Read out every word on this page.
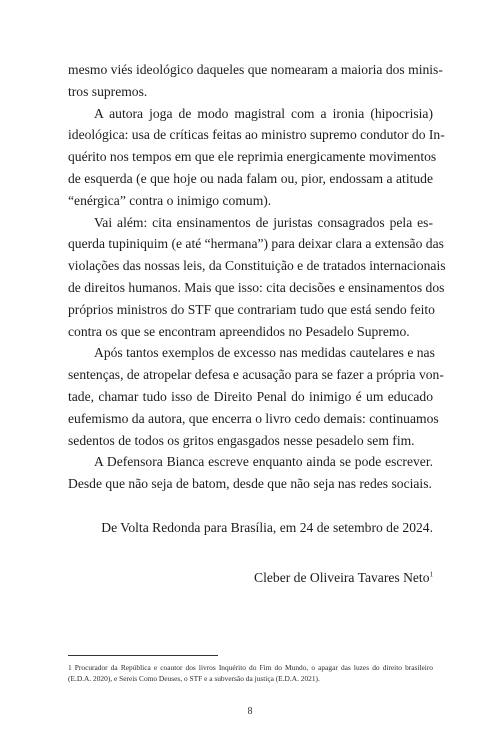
mesmo viés ideológico daqueles que nomearam a maioria dos minis-
tros supremos.

A autora joga de modo magistral com a ironia (hipocrisia)
ideológica: usa de críticas feitas ao ministro supremo condutor do In-
quérito nos tempos em que ele reprimia energicamente movimentos
de esquerda (e que hoje ou nada falam ou, pior, endossam a atitude
“enérgica” contra o inimigo comum).

Vai além: cita ensinamentos de juristas consagrados pela es-
querda tupiniquim (e até “hermana”) para deixar clara a extensão das
violações das nossas leis, da Constituição e de tratados internacionais
de direitos humanos. Mais que isso: cita decisões e ensinamentos dos
próprios ministros do STF que contrariam tudo que está sendo feito
contra os que se encontram apreendidos no Pesadelo Supremo.

Após tantos exemplos de excesso nas medidas cautelares e nas
sentenças, de atropelar defesa e acusação para se fazer a própria von-
tade, chamar tudo isso de Direito Penal do inimigo é um educado
eufemismo da autora, que encerra o livro cedo demais: continuamos
sedentos de todos os gritos engasgados nesse pesadelo sem fim.

A Defensora Bianca escreve enquanto ainda se pode escrever.
Desde que não seja de batom, desde que não seja nas redes sociais.

De Volta Redonda para Brasília, em 24 de setembro de 2024.
Cleber de Oliveira Tavares Neto$^1$
1 Procurador da República e coautor dos livros Inquérito do Fim do Mundo, o apagar das luzes do direito brasileiro
(E.D.A. 2020), e Sereis Como Deuses, o STF e a subversão da justiça (E.D.A. 2021).
8
